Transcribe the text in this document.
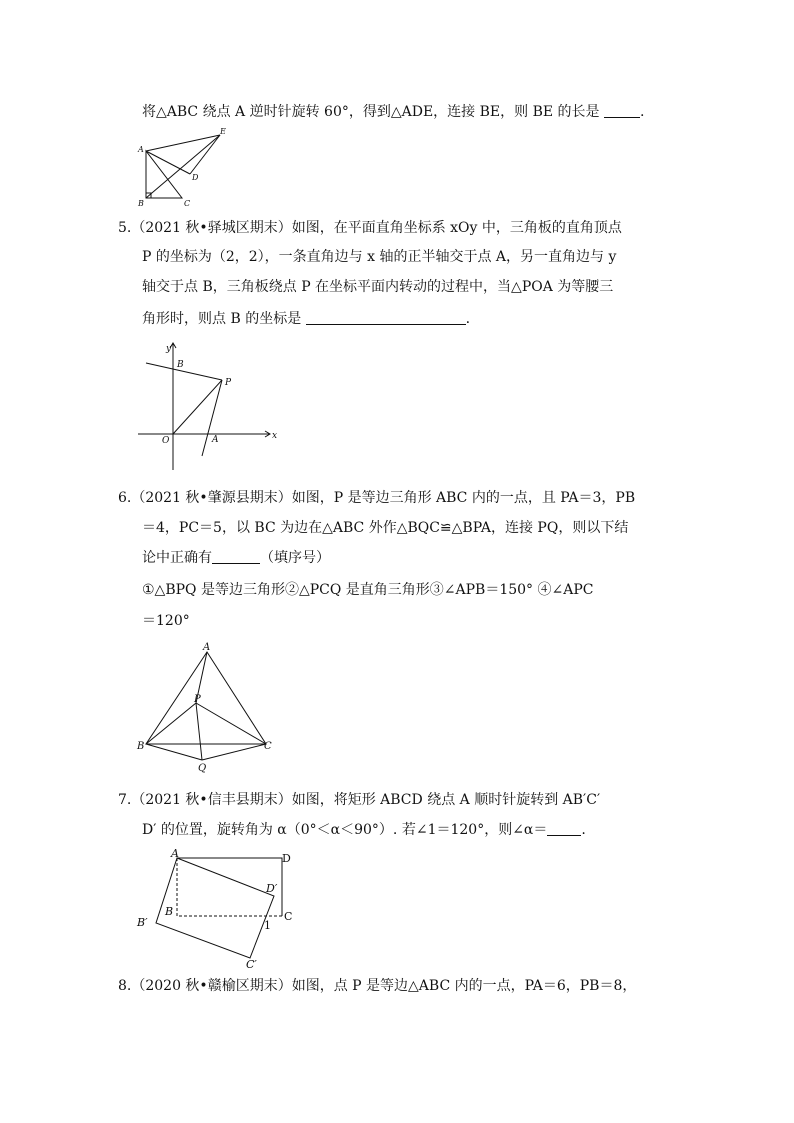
将△ABC 绕点 A 逆时针旋转 60°，得到△ADE，连接 BE，则 BE 的长是	.
A
E
D
B	C
5.（2021 秋•驿城区期末）如图，在平面直角坐标系 xOy 中，三角板的直角顶点
P 的坐标为（2，2），一条直角边与 x 轴的正半轴交于点 A，另一直角边与 y
轴交于点 B，三角板绕点 P 在坐标平面内转动的过程中，当△POA 为等腰三
角形时，则点 B 的坐标是	.
y
B
P
O	A	x
6.（2021 秋•肇源县期末）如图，P 是等边三角形 ABC 内的一点，且 PA＝3，PB
＝4，PC＝5，以 BC 为边在△ABC 外作△BQC≌△BPA，连接 PQ，则以下结
论中正确有	（填序号）
①△BPQ 是等边三角形②△PCQ 是直角三角形③∠APB＝150° ④∠APC
＝120°
A
P
B	C
Q
7.（2021 秋•信丰县期末）如图，将矩形 ABCD 绕点 A 顺时针旋转到 AB′C′
D′ 的位置，旋转角为 α（0°＜α＜90°）. 若∠1＝120°，则∠α＝ .
A	D
D′
B
B′	C
1
C′
8.（2020 秋•赣榆区期末）如图，点 P 是等边△ABC 内的一点，PA＝6，PB＝8，
